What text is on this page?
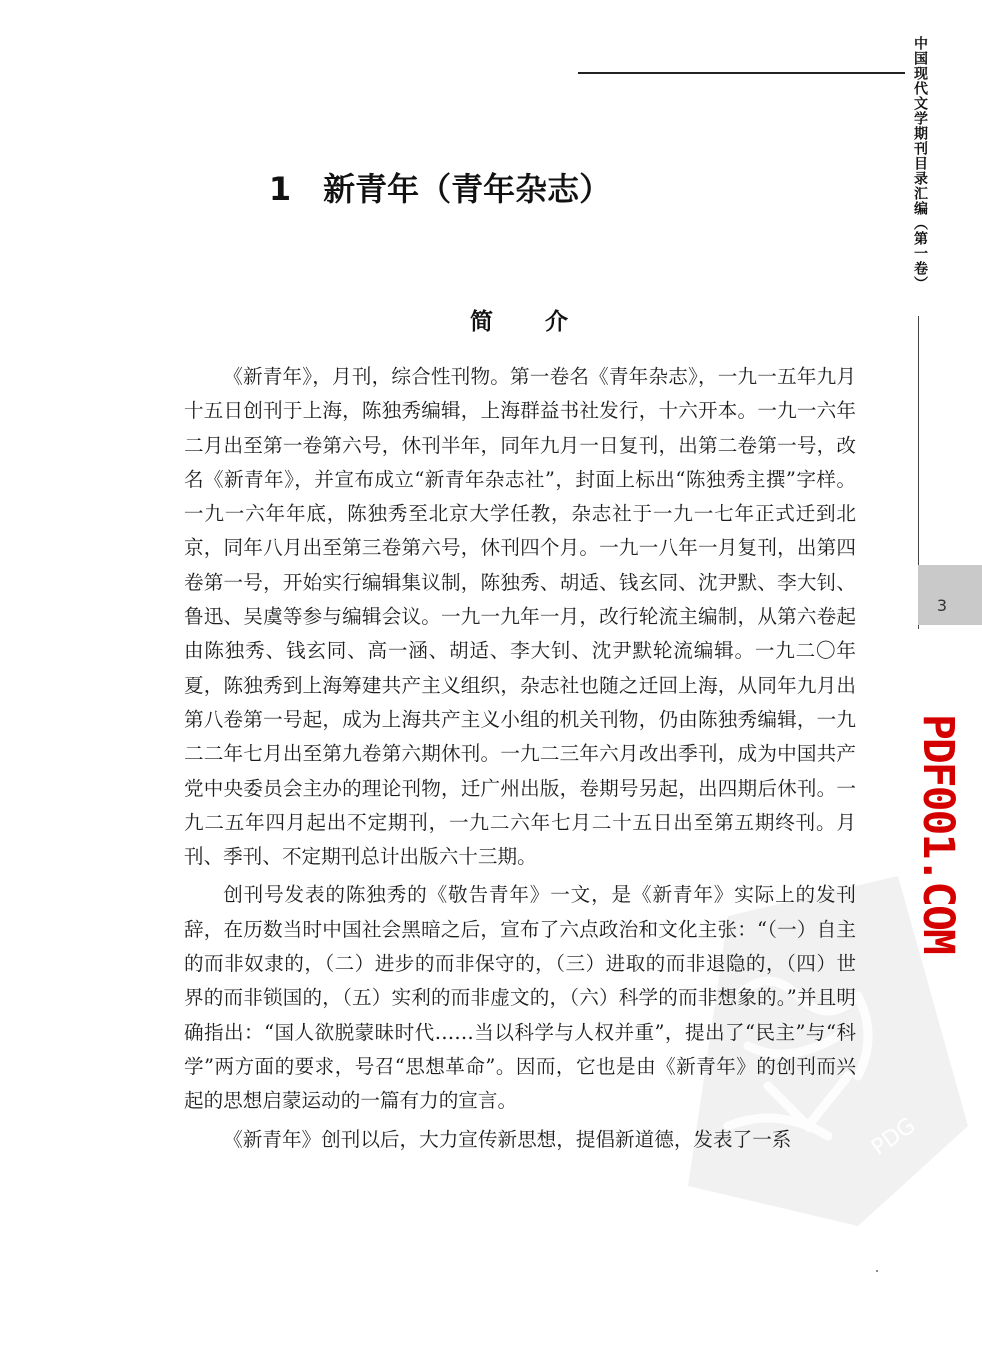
中国现代文学期刊目录汇编（第一卷）
3
PDF001.COM
PDG
1　新青年（青年杂志）
简　　介

《新青年》，月刊，综合性刊物。第一卷名《青年杂志》，一九一五年九月十五日创刊于上海，陈独秀编辑，上海群益书社发行，十六开本。一九一六年二月出至第一卷第六号，休刊半年，同年九月一日复刊，出第二卷第一号，改名《新青年》，并宣布成立“新青年杂志社”，封面上标出“陈独秀主撰”字样。一九一六年年底，陈独秀至北京大学任教，杂志社于一九一七年正式迁到北京，同年八月出至第三卷第六号，休刊四个月。一九一八年一月复刊，出第四卷第一号，开始实行编辑集议制，陈独秀、胡适、钱玄同、沈尹默、李大钊、鲁迅、吴虞等参与编辑会议。一九一九年一月，改行轮流主编制，从第六卷起由陈独秀、钱玄同、高一涵、胡适、李大钊、沈尹默轮流编辑。一九二〇年夏，陈独秀到上海筹建共产主义组织，杂志社也随之迁回上海，从同年九月出第八卷第一号起，成为上海共产主义小组的机关刊物，仍由陈独秀编辑，一九二二年七月出至第九卷第六期休刊。一九二三年六月改出季刊，成为中国共产党中央委员会主办的理论刊物，迁广州出版，卷期号另起，出四期后休刊。一九二五年四月起出不定期刊，一九二六年七月二十五日出至第五期终刊。月刊、季刊、不定期刊总计出版六十三期。

创刊号发表的陈独秀的《敬告青年》一文，是《新青年》实际上的发刊辞，在历数当时中国社会黑暗之后，宣布了六点政治和文化主张：“（一）自主的而非奴隶的，（二）进步的而非保守的，（三）进取的而非退隐的，（四）世界的而非锁国的，（五）实利的而非虚文的，（六）科学的而非想象的。”并且明确指出：“国人欲脱蒙昧时代……当以科学与人权并重”，提出了“民主”与“科学”两方面的要求，号召“思想革命”。因而，它也是由《新青年》的创刊而兴起的思想启蒙运动的一篇有力的宣言。

《新青年》创刊以后，大力宣传新思想，提倡新道德，发表了一系
